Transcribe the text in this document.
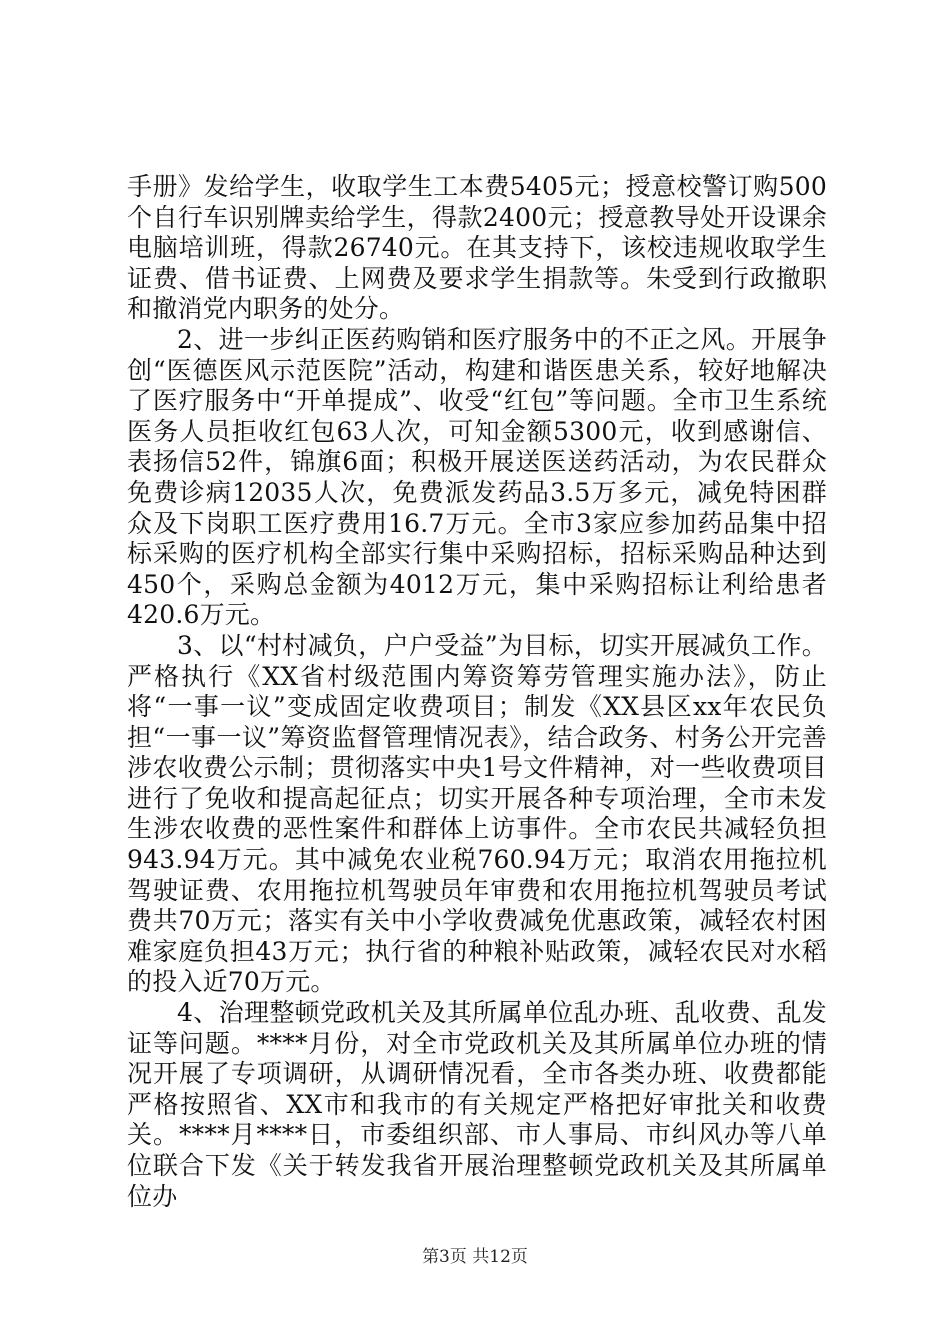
手册》发给学生，收取学生工本费5405元；授意校警订购500个自行车识别牌卖给学生，得款2400元；授意教导处开设课余电脑培训班，得款26740元。在其支持下，该校违规收取学生证费、借书证费、上网费及要求学生捐款等。朱受到行政撤职和撤消党内职务的处分。

2、进一步纠正医药购销和医疗服务中的不正之风。开展争创“医德医风示范医院”活动，构建和谐医患关系，较好地解决了医疗服务中“开单提成”、收受“红包”等问题。全市卫生系统医务人员拒收红包63人次，可知金额5300元，收到感谢信、表扬信52件，锦旗6面；积极开展送医送药活动，为农民群众免费诊病12035人次，免费派发药品3.5万多元，减免特困群众及下岗职工医疗费用16.7万元。全市3家应参加药品集中招标采购的医疗机构全部实行集中采购招标，招标采购品种达到450个，采购总金额为4012万元，集中采购招标让利给患者420.6万元。

3、以“村村减负，户户受益”为目标，切实开展减负工作。严格执行《XX省村级范围内筹资筹劳管理实施办法》，防止将“一事一议”变成固定收费项目；制发《XX县区xx年农民负担“一事一议”筹资监督管理情况表》，结合政务、村务公开完善涉农收费公示制；贯彻落实中央1号文件精神，对一些收费项目进行了免收和提高起征点；切实开展各种专项治理，全市未发生涉农收费的恶性案件和群体上访事件。全市农民共减轻负担943.94万元。其中减免农业税760.94万元；取消农用拖拉机驾驶证费、农用拖拉机驾驶员年审费和农用拖拉机驾驶员考试费共70万元；落实有关中小学收费减免优惠政策，减轻农村困难家庭负担43万元；执行省的种粮补贴政策，减轻农民对水稻的投入近70万元。

4、治理整顿党政机关及其所属单位乱办班、乱收费、乱发证等问题。****月份，对全市党政机关及其所属单位办班的情况开展了专项调研，从调研情况看，全市各类办班、收费都能严格按照省、XX市和我市的有关规定严格把好审批关和收费关。****月****日，市委组织部、市人事局、市纠风办等八单位联合下发《关于转发我省开展治理整顿党政机关及其所属单位办

第3页 共12页
